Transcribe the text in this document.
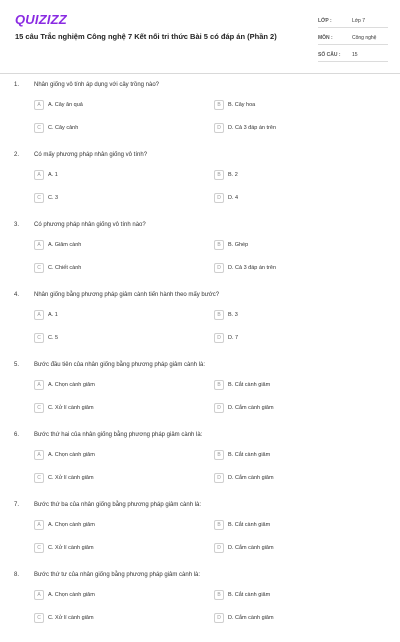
QUIZIZZ
15 câu Trắc nghiệm Công nghệ 7 Kết nối tri thức Bài 5 có đáp án (Phần 2)
LỚP :	Lớp 7
MÔN :	Công nghệ
SỐ CÂU :	15
1. Nhân giống vô tính áp dụng với cây trồng nào?
A	A. Cây ăn quả	B	B. Cây hoa
C	C. Cây cảnh	D	D. Cả 3 đáp án trên
2. Có mấy phương pháp nhân giống vô tính?
A	A. 1	B	B. 2
C	C. 3	D	D. 4
3. Có phương pháp nhân giống vô tính nào?
A	A. Giâm cành	B	B. Ghép
C	C. Chiết cành	D	D. Cả 3 đáp án trên
4. Nhân giống bằng phương pháp giâm cành tiến hành theo mấy bước?
A	A. 1	B	B. 3
C	C. 5	D	D. 7
5. Bước đầu tiên của nhân giống bằng phương pháp giâm cành là:
A	A. Chọn cành giâm	B	B. Cắt cành giâm
C	C. Xử lí cành giâm	D	D. Cắm cành giâm
6. Bước thứ hai của nhân giống bằng phương pháp giâm cành là:
A	A. Chọn cành giâm	B	B. Cắt cành giâm
C	C. Xử lí cành giâm	D	D. Cắm cành giâm
7. Bước thứ ba của nhân giống bằng phương pháp giâm cành là:
A	A. Chọn cành giâm	B	B. Cắt cành giâm
C	C. Xử lí cành giâm	D	D. Cắm cành giâm
8. Bước thứ tư của nhân giống bằng phương pháp giâm cành là:
A	A. Chọn cành giâm	B	B. Cắt cành giâm
C	C. Xử lí cành giâm	D	D. Cắm cành giâm
